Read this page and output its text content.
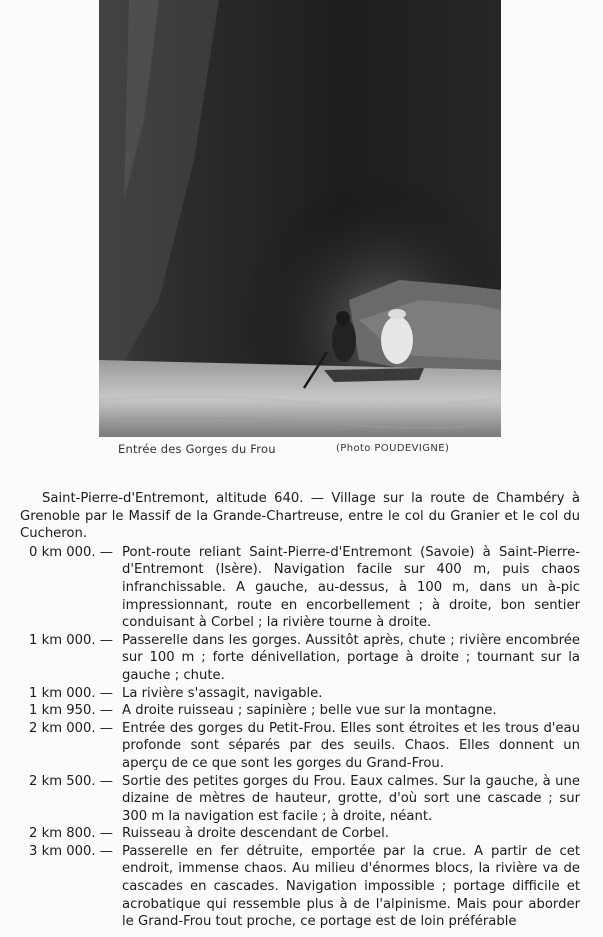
Entrée des Gorges du Frou	(Photo POUDEVIGNE)

Saint-Pierre-d'Entremont, altitude 640. — Village sur la route de Chambéry à Grenoble par le Massif de la Grande-Chartreuse, entre le col du Granier et le col du Cucheron.

0 km 000. — Pont-route reliant Saint-Pierre-d'Entremont (Savoie) à Saint-Pierre-d'Entremont (Isère). Navigation facile sur 400 m, puis chaos infranchissable. A gauche, au-dessus, à 100 m, dans un à-pic impressionnant, route en encorbellement ; à droite, bon sentier conduisant à Corbel ; la rivière tourne à droite.
1 km 000. — Passerelle dans les gorges. Aussitôt après, chute ; rivière encombrée sur 100 m ; forte dénivellation, portage à droite ; tournant sur la gauche ; chute.
1 km 000. — La rivière s'assagit, navigable.
1 km 950. — A droite ruisseau ; sapinière ; belle vue sur la montagne.
2 km 000. — Entrée des gorges du Petit-Frou. Elles sont étroites et les trous d'eau profonde sont séparés par des seuils. Chaos. Elles donnent un aperçu de ce que sont les gorges du Grand-Frou.
2 km 500. — Sortie des petites gorges du Frou. Eaux calmes. Sur la gauche, à une dizaine de mètres de hauteur, grotte, d'où sort une cascade ; sur 300 m la navigation est facile ; à droite, néant.
2 km 800. — Ruisseau à droite descendant de Corbel.
3 km 000. — Passerelle en fer détruite, emportée par la crue. A partir de cet endroit, immense chaos. Au milieu d'énormes blocs, la rivière va de cascades en cascades. Navigation impossible ; portage difficile et acrobatique qui ressemble plus à de l'alpinisme. Mais pour aborder le Grand-Frou tout proche, ce portage est de loin préférable
